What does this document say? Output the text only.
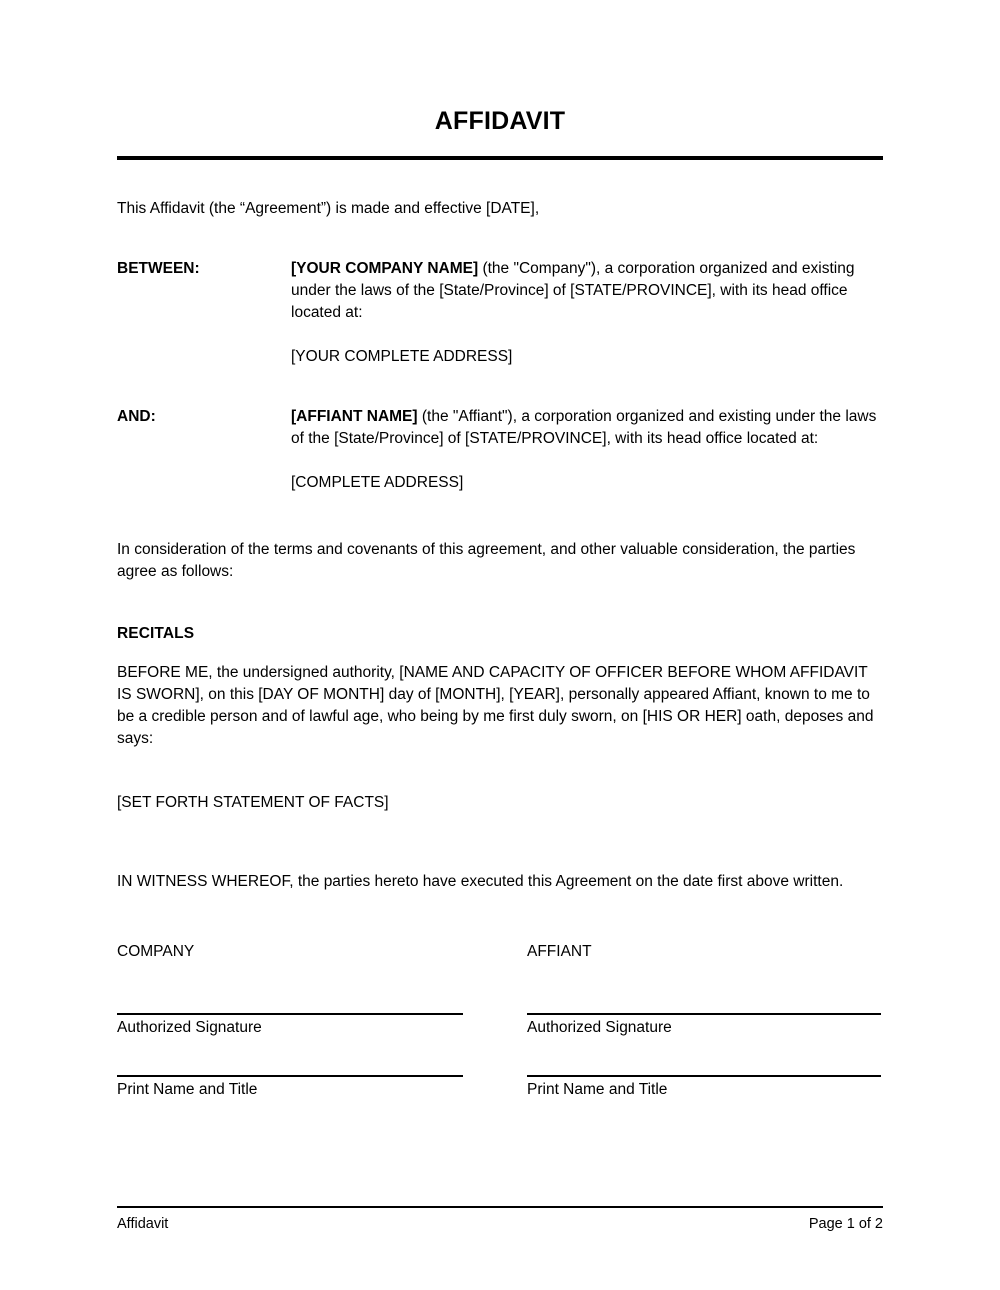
AFFIDAVIT

This Affidavit (the “Agreement”) is made and effective [DATE],

BETWEEN:	[YOUR COMPANY NAME] (the "Company"), a corporation organized and existing under the laws of the [State/Province] of [STATE/PROVINCE], with its head office located at:
[YOUR COMPLETE ADDRESS]
AND:	[AFFIANT NAME] (the "Affiant"), a corporation organized and existing under the laws of the [State/Province] of [STATE/PROVINCE], with its head office located at:
[COMPLETE ADDRESS]

In consideration of the terms and covenants of this agreement, and other valuable consideration, the parties agree as follows:

RECITALS

BEFORE ME, the undersigned authority, [NAME AND CAPACITY OF OFFICER BEFORE WHOM AFFIDAVIT IS SWORN], on this [DAY OF MONTH] day of [MONTH], [YEAR], personally appeared Affiant, known to me to be a credible person and of lawful age, who being by me first duly sworn, on [HIS OR HER] oath, deposes and says:

[SET FORTH STATEMENT OF FACTS]

IN WITNESS WHEREOF, the parties hereto have executed this Agreement on the date first above written.

COMPANY
Authorized Signature
Print Name and Title
AFFIANT
Authorized Signature
Print Name and Title
Affidavit	Page 1 of 2
